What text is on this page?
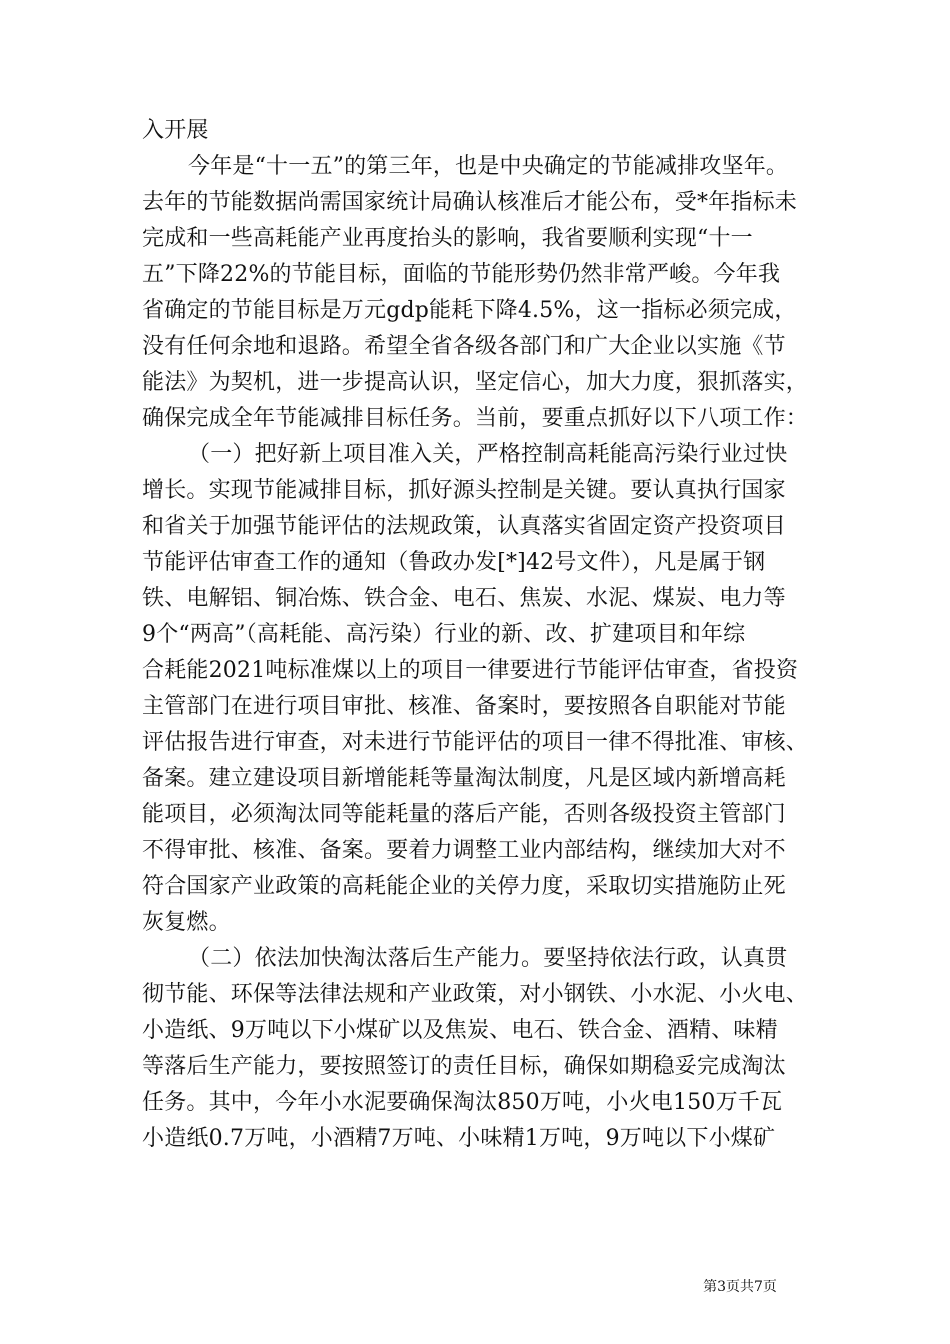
入开展
今年是“十一五”的第三年，也是中央确定的节能减排攻坚年。
去年的节能数据尚需国家统计局确认核准后才能公布，受*年指标未
完成和一些高耗能产业再度抬头的影响，我省要顺利实现“十一
五”下降22%的节能目标，面临的节能形势仍然非常严峻。今年我
省确定的节能目标是万元gdp能耗下降4.5%，这一指标必须完成，
没有任何余地和退路。希望全省各级各部门和广大企业以实施《节
能法》为契机，进一步提高认识，坚定信心，加大力度，狠抓落实，
确保完成全年节能减排目标任务。当前，要重点抓好以下八项工作：
（一）把好新上项目准入关，严格控制高耗能高污染行业过快
增长。实现节能减排目标，抓好源头控制是关键。要认真执行国家
和省关于加强节能评估的法规政策，认真落实省固定资产投资项目
节能评估审查工作的通知（鲁政办发[*]42号文件），凡是属于钢
铁、电解铝、铜冶炼、铁合金、电石、焦炭、水泥、煤炭、电力等
9个“两高”（高耗能、高污染）行业的新、改、扩建项目和年综
合耗能2021吨标准煤以上的项目一律要进行节能评估审查，省投资
主管部门在进行项目审批、核准、备案时，要按照各自职能对节能
评估报告进行审查，对未进行节能评估的项目一律不得批准、审核、
备案。建立建设项目新增能耗等量淘汰制度，凡是区域内新增高耗
能项目，必须淘汰同等能耗量的落后产能，否则各级投资主管部门
不得审批、核准、备案。要着力调整工业内部结构，继续加大对不
符合国家产业政策的高耗能企业的关停力度，采取切实措施防止死
灰复燃。
（二）依法加快淘汰落后生产能力。要坚持依法行政，认真贯
彻节能、环保等法律法规和产业政策，对小钢铁、小水泥、小火电、
小造纸、9万吨以下小煤矿以及焦炭、电石、铁合金、酒精、味精
等落后生产能力，要按照签订的责任目标，确保如期稳妥完成淘汰
任务。其中，今年小水泥要确保淘汰850万吨，小火电150万千瓦
小造纸0.7万吨，小酒精7万吨、小味精1万吨，9万吨以下小煤矿
第3页共7页
